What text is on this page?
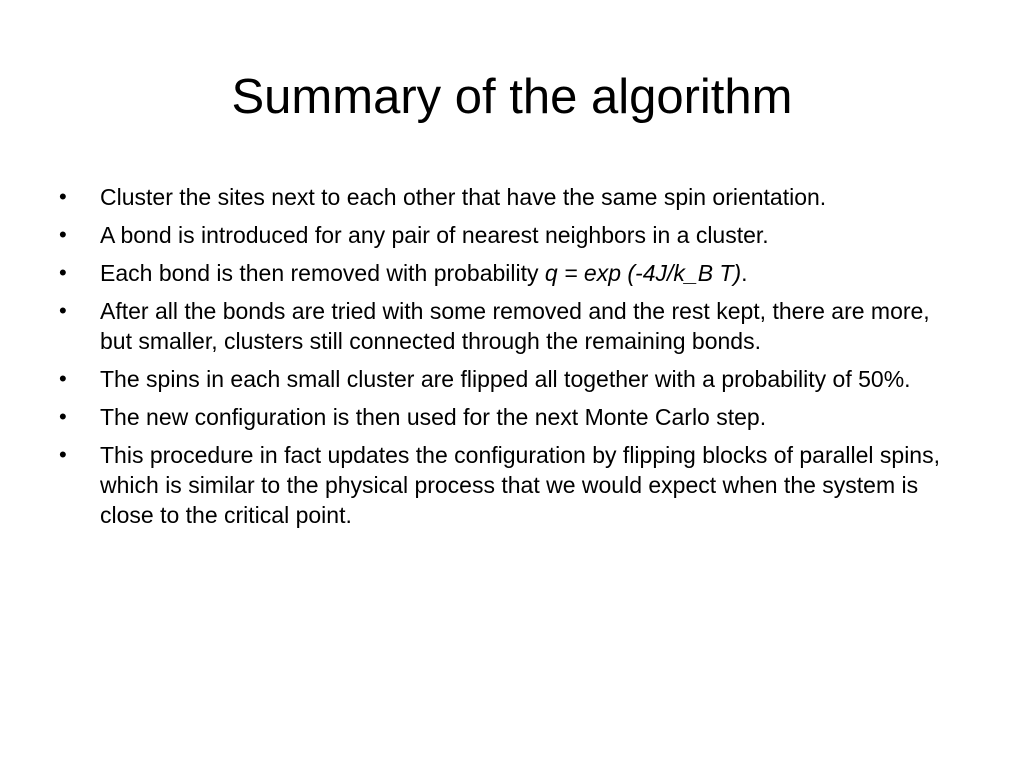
Summary of the algorithm
• Cluster the sites next to each other that have the same spin orientation.
• A bond is introduced for any pair of nearest neighbors in a cluster.
• Each bond is then removed with probability q = exp (-4J/k_B T).
• After all the bonds are tried with some removed and the rest kept, there are more, but smaller, clusters still connected through the remaining bonds.
• The spins in each small cluster are flipped all together with a probability of 50%.
• The new configuration is then used for the next Monte Carlo step.
• This procedure in fact updates the configuration by flipping blocks of parallel spins, which is similar to the physical process that we would expect when the system is close to the critical point.
